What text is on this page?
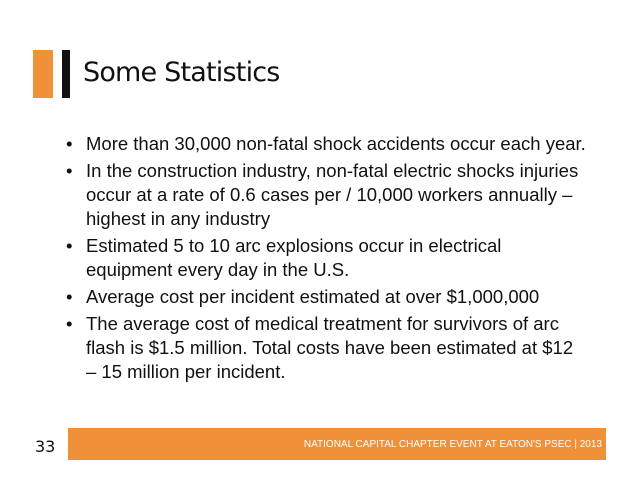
Some Statistics
• More than 30,000 non-fatal shock accidents occur each year.
• In the construction industry, non-fatal electric shocks injuries occur at a rate of 0.6 cases per / 10,000 workers annually – highest in any industry
• Estimated 5 to 10 arc explosions occur in electrical equipment every day in the U.S.
• Average cost per incident estimated at over $1,000,000
• The average cost of medical treatment for survivors of arc flash is $1.5 million. Total costs have been estimated at $12 – 15 million per incident.
33	NATIONAL CAPITAL CHAPTER EVENT AT EATON'S PSEC | 2013
